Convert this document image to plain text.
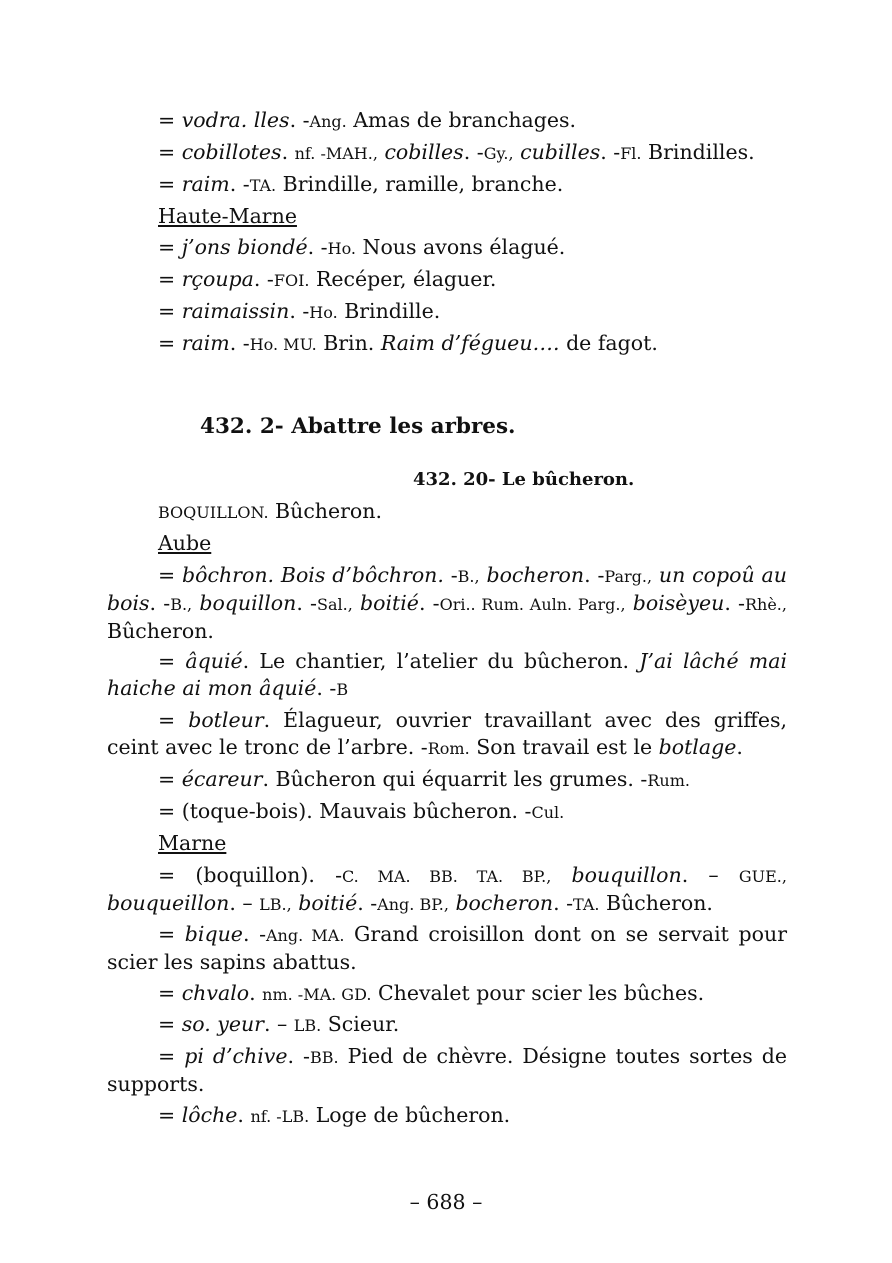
= vodra. lles. -Ang. Amas de branchages.
= cobillotes. nf. -MAH., cobilles. -Gy., cubilles. -Fl. Brindilles.
= raim. -TA. Brindille, ramille, branche.
Haute-Marne
= j’ons biondé. -Ho. Nous avons élagué.
= rçoupa. -FOI. Recéper, élaguer.
= raimaissin. -Ho. Brindille.
= raim. -Ho. MU. Brin. Raim d’fégueu…. de fagot.
432. 2- Abattre les arbres.
432. 20- Le bûcheron.
BOQUILLON. Bûcheron.
Aube
= bôchron. Bois d’bôchron. -B., bocheron. -Parg., un copoû au bois. -B., boquillon. -Sal., boitié. -Ori.. Rum. Auln. Parg., boisèyeu. -Rhè., Bûcheron.
= âquié. Le chantier, l’atelier du bûcheron. J’ai lâché mai haiche ai mon âquié. -B
= botleur. Élagueur, ouvrier travaillant avec des griffes, ceint avec le tronc de l’arbre. -Rom. Son travail est le botlage.
= écareur. Bûcheron qui équarrit les grumes. -Rum.
= (toque-bois). Mauvais bûcheron. -Cul.
Marne
= (boquillon). -C. MA. BB. TA. BP., bouquillon. – GUE., bouqueillon. – LB., boitié. -Ang. BP., bocheron. -TA. Bûcheron.
= bique. -Ang. MA. Grand croisillon dont on se servait pour scier les sapins abattus.
= chvalo. nm. -MA. GD. Chevalet pour scier les bûches.
= so. yeur. – LB. Scieur.
= pi d’chive. -BB. Pied de chèvre. Désigne toutes sortes de supports.
= lôche. nf. -LB. Loge de bûcheron.
– 688 –
